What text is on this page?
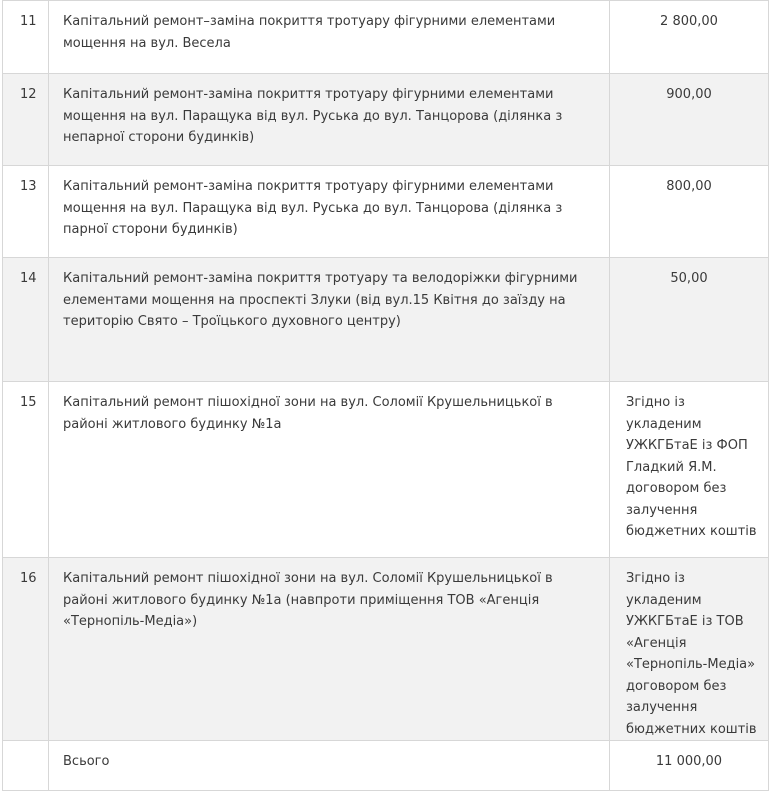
11	Капітальний ремонт–заміна покриття тротуару фігурними елементами мощення на вул. Весела	2 800,00

12	Капітальний ремонт-заміна покриття тротуару фігурними елементами мощення на вул. Паращука від вул. Руська до вул. Танцорова (ділянка з непарної сторони будинків)	900,00

13	Капітальний ремонт-заміна покриття тротуару фігурними елементами мощення на вул. Паращука від вул. Руська до вул. Танцорова (ділянка з парної сторони будинків)	800,00

14	Капітальний ремонт-заміна покриття тротуару та велодоріжки фігурними елементами мощення на проспекті Злуки (від вул.15 Квітня до заїзду на територію Свято – Троїцького духовного центру)	50,00

15	Капітальний ремонт пішохідної зони на вул. Соломії Крушельницької в районі житлового будинку №1а	Згідно із укладеним УЖКГБтаЕ із ФОП Гладкий Я.М. договором без залучення бюджетних коштів

16	Капітальний ремонт пішохідної зони на вул. Соломії Крушельницької в районі житлового будинку №1а (навпроти приміщення ТОВ «Агенція «Тернопіль-Медіа»)	Згідно із укладеним УЖКГБтаЕ із ТОВ «Агенція «Тернопіль-Медіа» договором без залучення бюджетних коштів

	Всього	11 000,00
